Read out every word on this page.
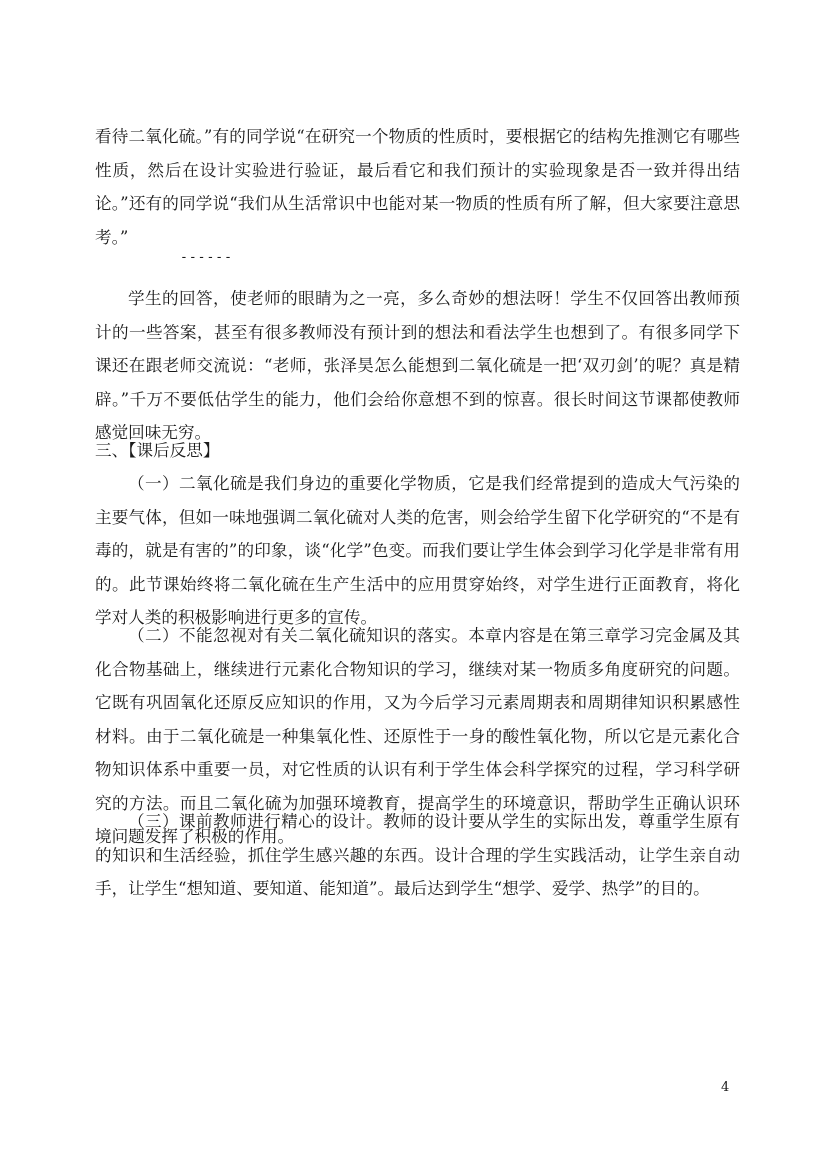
看待二氧化硫。”有的同学说“在研究一个物质的性质时，要根据它的结构先推测它有哪些性质，然后在设计实验进行验证，最后看它和我们预计的实验现象是否一致并得出结论。”还有的同学说“我们从生活常识中也能对某一物质的性质有所了解，但大家要注意思考。”

------

学生的回答，使老师的眼睛为之一亮，多么奇妙的想法呀！学生不仅回答出教师预计的一些答案，甚至有很多教师没有预计到的想法和看法学生也想到了。有很多同学下课还在跟老师交流说：“老师，张泽昊怎么能想到二氧化硫是一把‘双刃剑’的呢？真是精辟。”千万不要低估学生的能力，他们会给你意想不到的惊喜。很长时间这节课都使教师感觉回味无穷。

三、【课后反思】

（一）二氧化硫是我们身边的重要化学物质，它是我们经常提到的造成大气污染的主要气体，但如一味地强调二氧化硫对人类的危害，则会给学生留下化学研究的“不是有毒的，就是有害的”的印象，谈“化学”色变。而我们要让学生体会到学习化学是非常有用的。此节课始终将二氧化硫在生产生活中的应用贯穿始终，对学生进行正面教育，将化学对人类的积极影响进行更多的宣传。

（二）不能忽视对有关二氧化硫知识的落实。本章内容是在第三章学习完金属及其化合物基础上，继续进行元素化合物知识的学习，继续对某一物质多角度研究的问题。它既有巩固氧化还原反应知识的作用，又为今后学习元素周期表和周期律知识积累感性材料。由于二氧化硫是一种集氧化性、还原性于一身的酸性氧化物，所以它是元素化合物知识体系中重要一员，对它性质的认识有利于学生体会科学探究的过程，学习科学研究的方法。而且二氧化硫为加强环境教育，提高学生的环境意识，帮助学生正确认识环境问题发挥了积极的作用。

（三）课前教师进行精心的设计。教师的设计要从学生的实际出发，尊重学生原有的知识和生活经验，抓住学生感兴趣的东西。设计合理的学生实践活动，让学生亲自动手，让学生“想知道、要知道、能知道”。最后达到学生“想学、爱学、热学”的目的。

4
